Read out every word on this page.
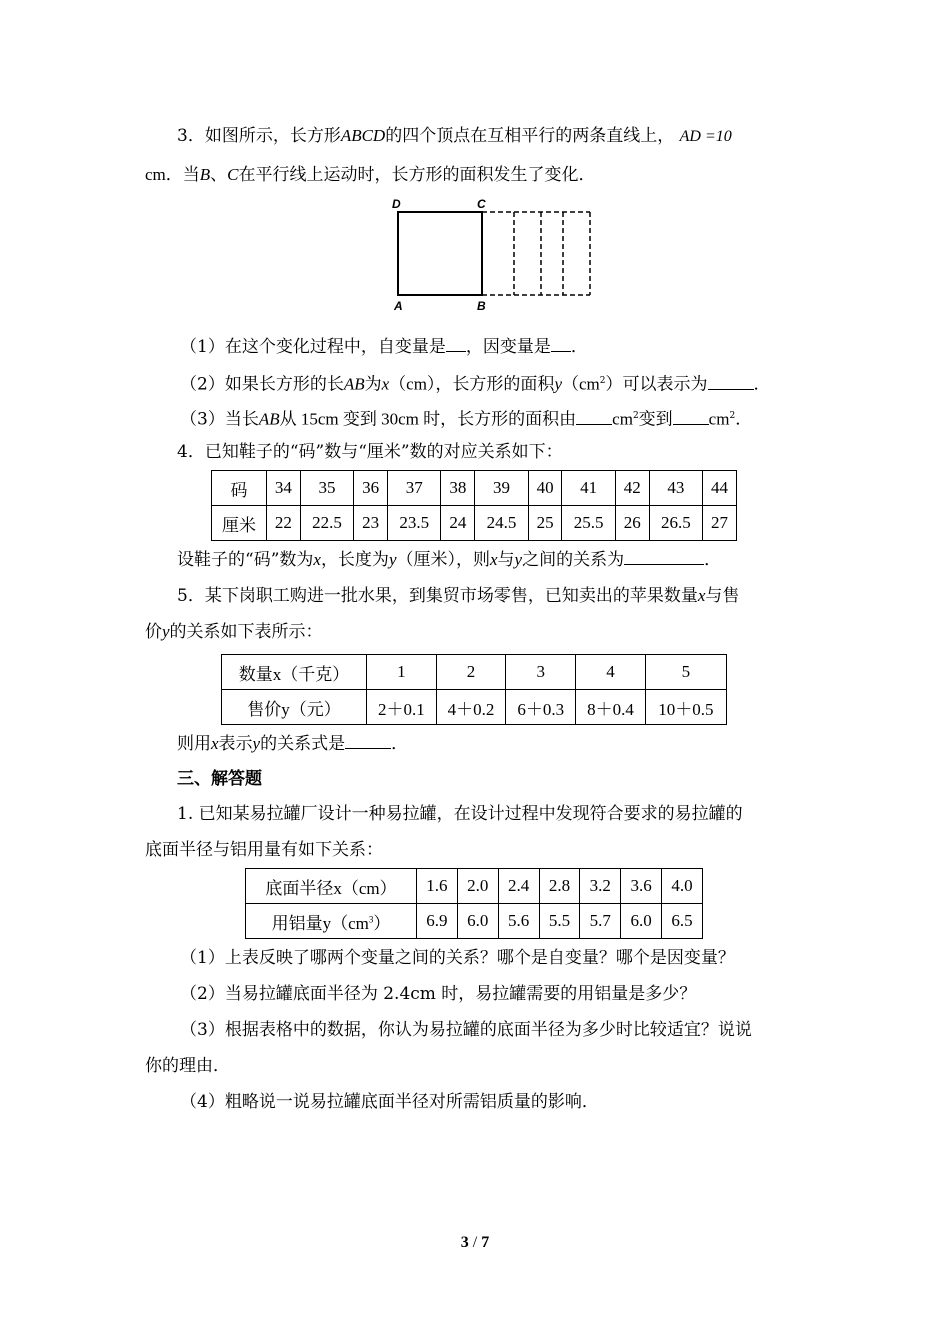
3．如图所示，长方形ABCD的四个顶点在互相平行的两条直线上， AD =10
cm．当B、C在平行线上运动时，长方形的面积发生了变化．
D	C
A	B
（1）在这个变化过程中，自变量是 ，因变量是 ．
（2）如果长方形的长AB为x（cm），长方形的面积$y(cm^2)$可以表示为	．
（3）当长AB从 15cm 变到 30cm 时，长方形的面积由 $cm^2$变到 $cm^2$．
4．已知鞋子的“码”数与“厘米”数的对应关系如下：
码	34	35	36	37	38	39	40	41	42	43	44
厘米	22	22.5	23	23.5	24	24.5	25	25.5	26	26.5	27
设鞋子的“码”数为x，长度为y（厘米），则x与y之间的关系为	．
5．某下岗职工购进一批水果，到集贸市场零售，已知卖出的苹果数量x与售
价y的关系如下表所示：
数量x（千克）	1	2	3	4	5
售价y（元）	2＋0.1	4＋0.2	6＋0.3	8＋0.4	10＋0.5
则用x表示y的关系式是	．
三、解答题
1. 已知某易拉罐厂设计一种易拉罐，在设计过程中发现符合要求的易拉罐的
底面半径与铝用量有如下关系：
底面半径x（cm）	1.6	2.0	2.4	2.8	3.2	3.6	4.0
用铝量$y(cm^3)$	6.9	6.0	5.6	5.5	5.7	6.0	6.5
（1）上表反映了哪两个变量之间的关系？哪个是自变量？哪个是因变量？
（2）当易拉罐底面半径为 2.4cm 时，易拉罐需要的用铝量是多少？
（3）根据表格中的数据，你认为易拉罐的底面半径为多少时比较适宜？说说
你的理由．
（4）粗略说一说易拉罐底面半径对所需铝质量的影响．
3 / 7
